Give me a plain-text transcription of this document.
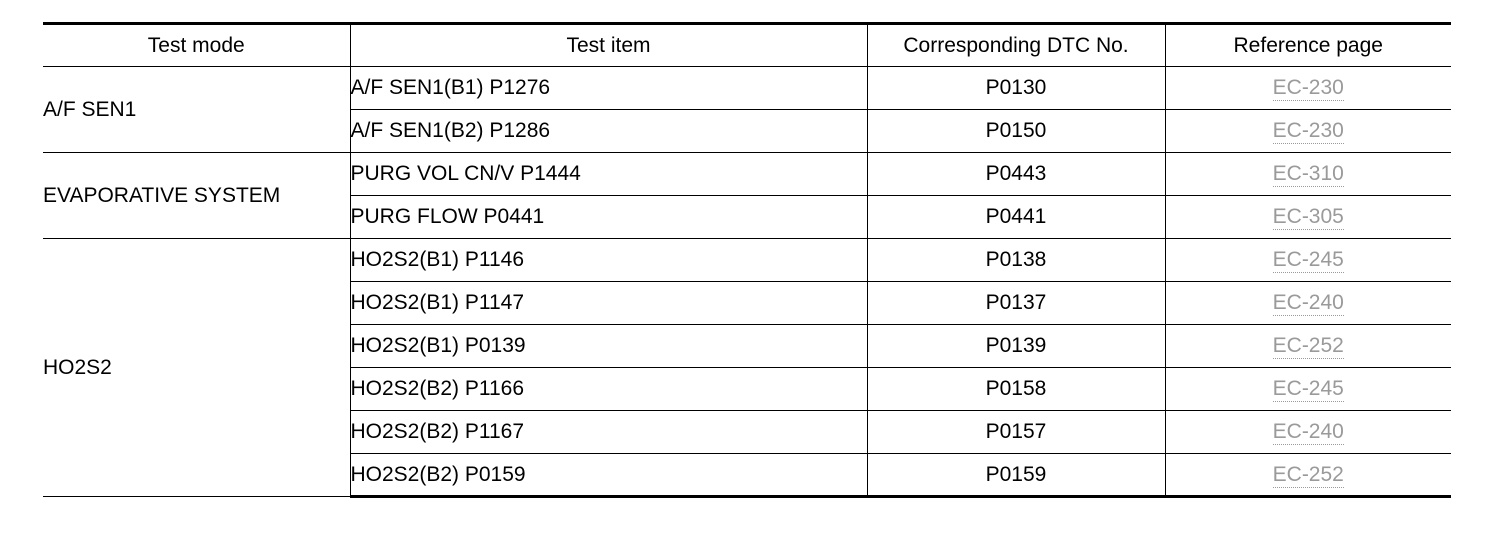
Test mode	Test item	Corresponding DTC No.	Reference page
A/F SEN1	A/F SEN1(B1) P1276	P0130	EC-230
	A/F SEN1(B2) P1286	P0150	EC-230
EVAPORATIVE SYSTEM	PURG VOL CN/V P1444	P0443	EC-310
	PURG FLOW P0441	P0441	EC-305
HO2S2	HO2S2(B1) P1146	P0138	EC-245
	HO2S2(B1) P1147	P0137	EC-240
	HO2S2(B1) P0139	P0139	EC-252
	HO2S2(B2) P1166	P0158	EC-245
	HO2S2(B2) P1167	P0157	EC-240
	HO2S2(B2) P0159	P0159	EC-252
